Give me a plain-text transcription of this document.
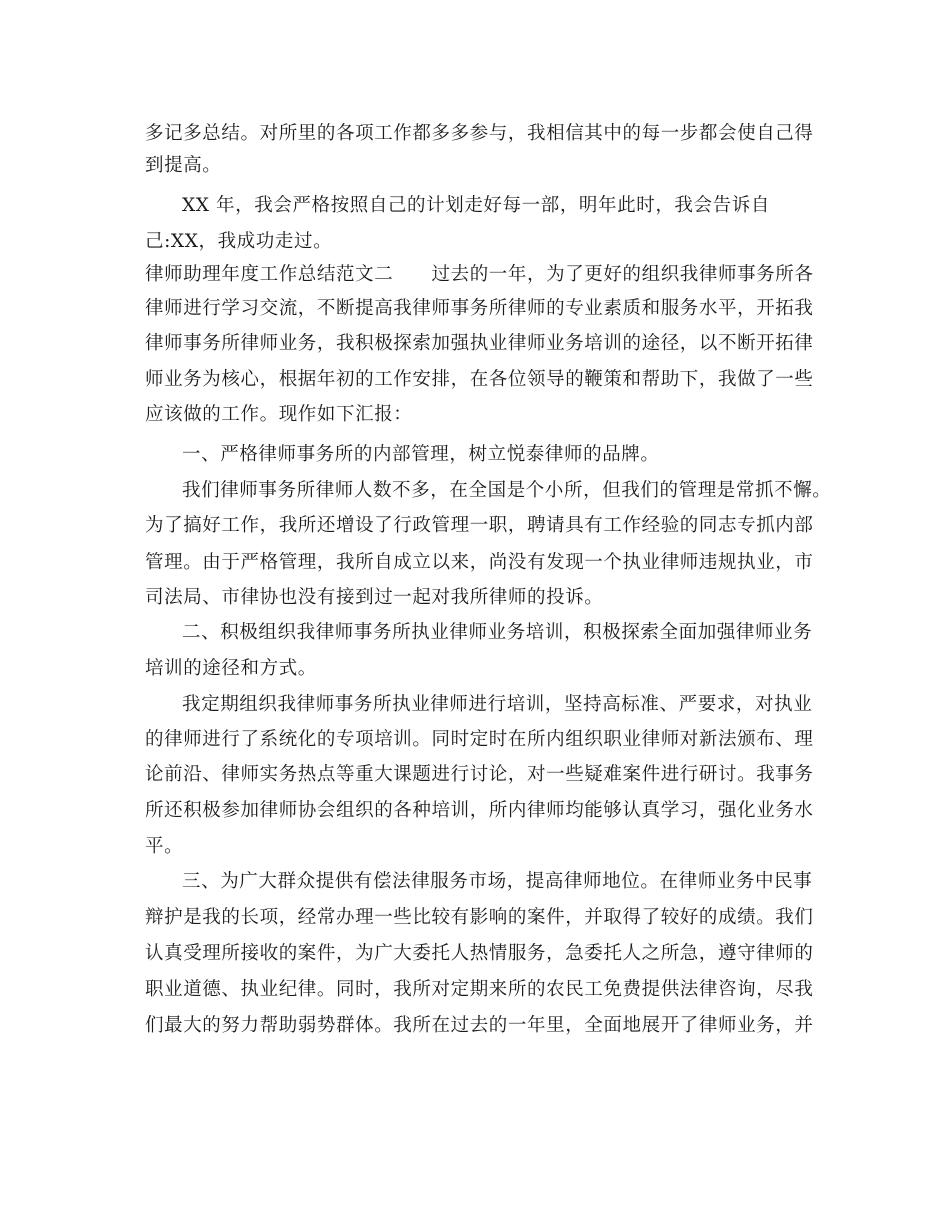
多记多总结。对所里的各项工作都多多参与，我相信其中的每一步都会使自己得
到提高。
XX 年，我会严格按照自己的计划走好每一部，明年此时，我会告诉自
己:XX，我成功走过。
律师助理年度工作总结范文二　　过去的一年，为了更好的组织我律师事务所各
律师进行学习交流，不断提高我律师事务所律师的专业素质和服务水平，开拓我
律师事务所律师业务，我积极探索加强执业律师业务培训的途径，以不断开拓律
师业务为核心，根据年初的工作安排，在各位领导的鞭策和帮助下，我做了一些
应该做的工作。现作如下汇报：
一、严格律师事务所的内部管理，树立悦泰律师的品牌。
我们律师事务所律师人数不多，在全国是个小所，但我们的管理是常抓不懈。
为了搞好工作，我所还增设了行政管理一职，聘请具有工作经验的同志专抓内部
管理。由于严格管理，我所自成立以来，尚没有发现一个执业律师违规执业，市
司法局、市律协也没有接到过一起对我所律师的投诉。
二、积极组织我律师事务所执业律师业务培训，积极探索全面加强律师业务
培训的途径和方式。
我定期组织我律师事务所执业律师进行培训，坚持高标准、严要求，对执业
的律师进行了系统化的专项培训。同时定时在所内组织职业律师对新法颁布、理
论前沿、律师实务热点等重大课题进行讨论，对一些疑难案件进行研讨。我事务
所还积极参加律师协会组织的各种培训，所内律师均能够认真学习，强化业务水
平。
三、为广大群众提供有偿法律服务市场，提高律师地位。在律师业务中民事
辩护是我的长项，经常办理一些比较有影响的案件，并取得了较好的成绩。我们
认真受理所接收的案件，为广大委托人热情服务，急委托人之所急，遵守律师的
职业道德、执业纪律。同时，我所对定期来所的农民工免费提供法律咨询，尽我
们最大的努力帮助弱势群体。我所在过去的一年里，全面地展开了律师业务，并
